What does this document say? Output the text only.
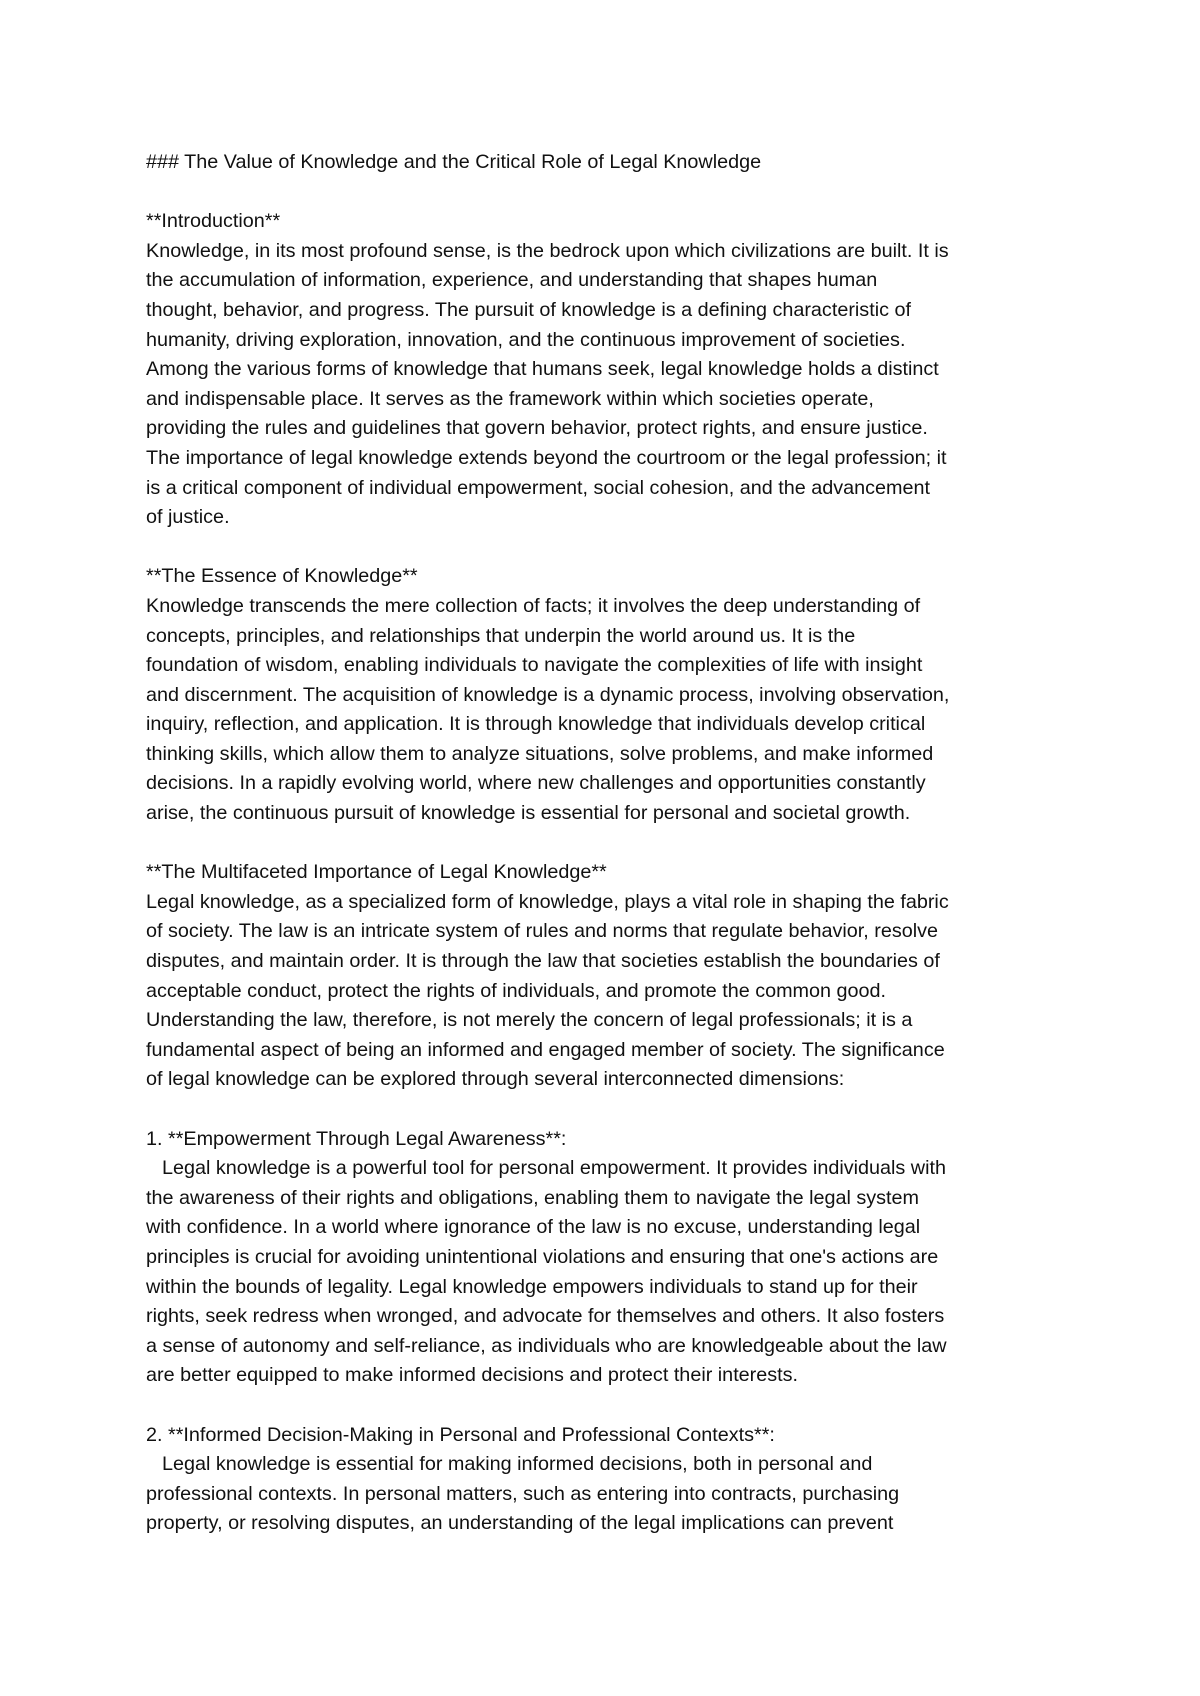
### The Value of Knowledge and the Critical Role of Legal Knowledge
**Introduction**
Knowledge, in its most profound sense, is the bedrock upon which civilizations are built. It is
the accumulation of information, experience, and understanding that shapes human
thought, behavior, and progress. The pursuit of knowledge is a defining characteristic of
humanity, driving exploration, innovation, and the continuous improvement of societies.
Among the various forms of knowledge that humans seek, legal knowledge holds a distinct
and indispensable place. It serves as the framework within which societies operate,
providing the rules and guidelines that govern behavior, protect rights, and ensure justice.
The importance of legal knowledge extends beyond the courtroom or the legal profession; it
is a critical component of individual empowerment, social cohesion, and the advancement
of justice.
**The Essence of Knowledge**
Knowledge transcends the mere collection of facts; it involves the deep understanding of
concepts, principles, and relationships that underpin the world around us. It is the
foundation of wisdom, enabling individuals to navigate the complexities of life with insight
and discernment. The acquisition of knowledge is a dynamic process, involving observation,
inquiry, reflection, and application. It is through knowledge that individuals develop critical
thinking skills, which allow them to analyze situations, solve problems, and make informed
decisions. In a rapidly evolving world, where new challenges and opportunities constantly
arise, the continuous pursuit of knowledge is essential for personal and societal growth.
**The Multifaceted Importance of Legal Knowledge**
Legal knowledge, as a specialized form of knowledge, plays a vital role in shaping the fabric
of society. The law is an intricate system of rules and norms that regulate behavior, resolve
disputes, and maintain order. It is through the law that societies establish the boundaries of
acceptable conduct, protect the rights of individuals, and promote the common good.
Understanding the law, therefore, is not merely the concern of legal professionals; it is a
fundamental aspect of being an informed and engaged member of society. The significance
of legal knowledge can be explored through several interconnected dimensions:
1. **Empowerment Through Legal Awareness**:
Legal knowledge is a powerful tool for personal empowerment. It provides individuals with
the awareness of their rights and obligations, enabling them to navigate the legal system
with confidence. In a world where ignorance of the law is no excuse, understanding legal
principles is crucial for avoiding unintentional violations and ensuring that one's actions are
within the bounds of legality. Legal knowledge empowers individuals to stand up for their
rights, seek redress when wronged, and advocate for themselves and others. It also fosters
a sense of autonomy and self-reliance, as individuals who are knowledgeable about the law
are better equipped to make informed decisions and protect their interests.
2. **Informed Decision-Making in Personal and Professional Contexts**:
Legal knowledge is essential for making informed decisions, both in personal and
professional contexts. In personal matters, such as entering into contracts, purchasing
property, or resolving disputes, an understanding of the legal implications can prevent
